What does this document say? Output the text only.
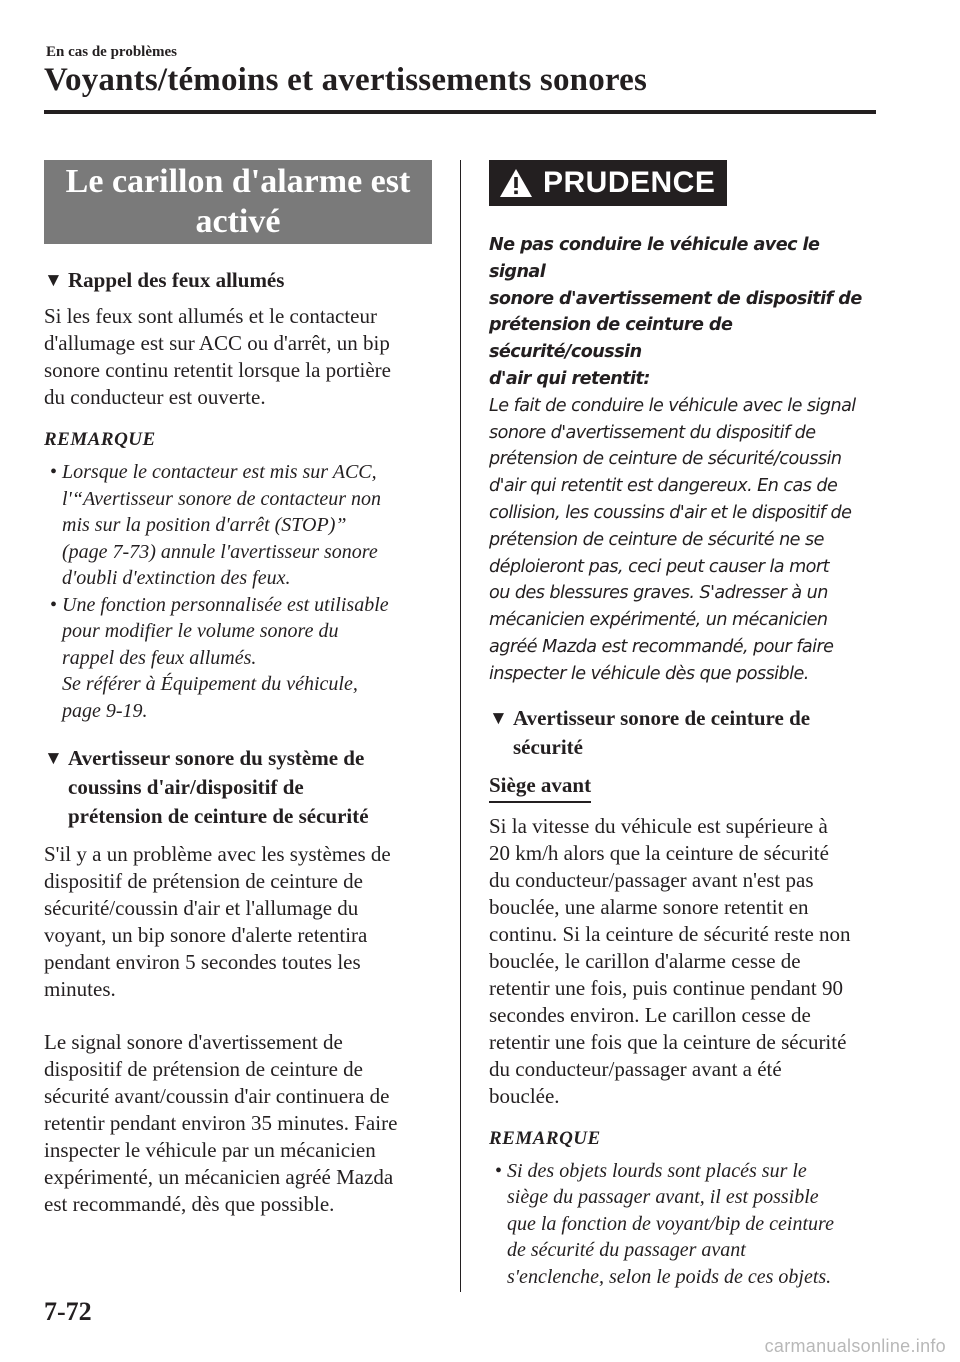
En cas de problèmes
Voyants/témoins et avertissements sonores
Le carillon d'alarme est
activé
▼ Rappel des feux allumés
Si les feux sont allumés et le contacteur
d'allumage est sur ACC ou d'arrêt, un bip
sonore continu retentit lorsque la portière
du conducteur est ouverte.
REMARQUE
• Lorsque le contacteur est mis sur ACC,
l'“Avertisseur sonore de contacteur non
mis sur la position d'arrêt (STOP)”
(page 7-73) annule l'avertisseur sonore
d'oubli d'extinction des feux.
• Une fonction personnalisée est utilisable
pour modifier le volume sonore du
rappel des feux allumés.
Se référer à Équipement du véhicule,
page 9-19.
▼ Avertisseur sonore du système de
coussins d'air/dispositif de
prétension de ceinture de sécurité
S'il y a un problème avec les systèmes de
dispositif de prétension de ceinture de
sécurité/coussin d'air et l'allumage du
voyant, un bip sonore d'alerte retentira
pendant environ 5 secondes toutes les
minutes.
Le signal sonore d'avertissement de
dispositif de prétension de ceinture de
sécurité avant/coussin d'air continuera de
retentir pendant environ 35 minutes. Faire
inspecter le véhicule par un mécanicien
expérimenté, un mécanicien agréé Mazda
est recommandé, dès que possible.
PRUDENCE
Ne pas conduire le véhicule avec le signal
sonore d'avertissement de dispositif de
prétension de ceinture de sécurité/coussin
d'air qui retentit:
Le fait de conduire le véhicule avec le signal
sonore d'avertissement du dispositif de
prétension de ceinture de sécurité/coussin
d'air qui retentit est dangereux. En cas de
collision, les coussins d'air et le dispositif de
prétension de ceinture de sécurité ne se
déploieront pas, ceci peut causer la mort
ou des blessures graves. S'adresser à un
mécanicien expérimenté, un mécanicien
agréé Mazda est recommandé, pour faire
inspecter le véhicule dès que possible.
▼ Avertisseur sonore de ceinture de
sécurité
Siège avant
Si la vitesse du véhicule est supérieure à
20 km/h alors que la ceinture de sécurité
du conducteur/passager avant n'est pas
bouclée, une alarme sonore retentit en
continu. Si la ceinture de sécurité reste non
bouclée, le carillon d'alarme cesse de
retentir une fois, puis continue pendant 90
secondes environ. Le carillon cesse de
retentir une fois que la ceinture de sécurité
du conducteur/passager avant a été
bouclée.
REMARQUE
• Si des objets lourds sont placés sur le
siège du passager avant, il est possible
que la fonction de voyant/bip de ceinture
de sécurité du passager avant
s'enclenche, selon le poids de ces objets.
7-72
carmanualsonline.info
